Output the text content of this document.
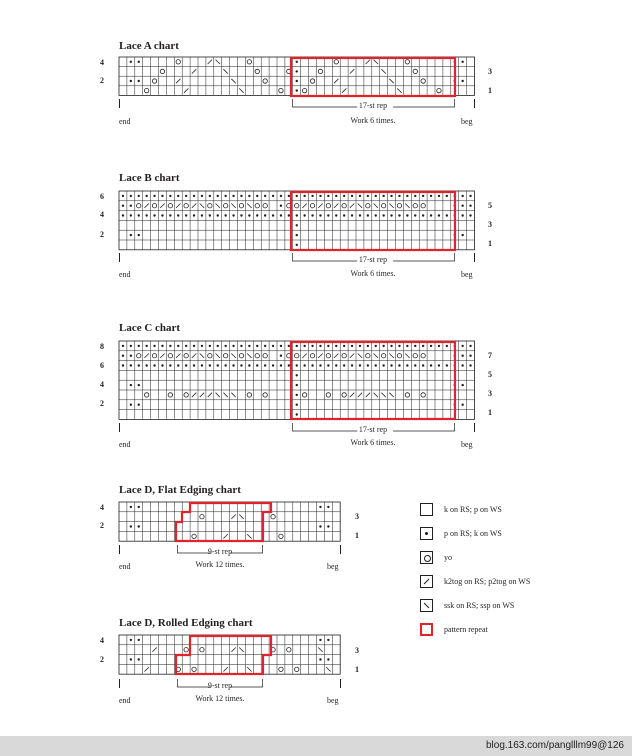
Lace A chart
4
2
3
1
end	beg
17-st rep
Work 6 times.
Lace B chart
6
4
2
5
3
1
end	beg
17-st rep
Work 6 times.
Lace C chart
8
6
4
2
7
5
3
1
end	beg
17-st rep
Work 6 times.
Lace D, Flat Edging chart
4
2
3
1
end	beg
9-st rep
Work 12 times.
Lace D, Rolled Edging chart
4
2
3
1
end	beg
9-st rep
Work 12 times.
k on RS; p on WS
p on RS; k on WS
yo
k2tog on RS; p2tog on WS
ssk on RS; ssp on WS
pattern repeat
blog.163.com/panglllm99@126
